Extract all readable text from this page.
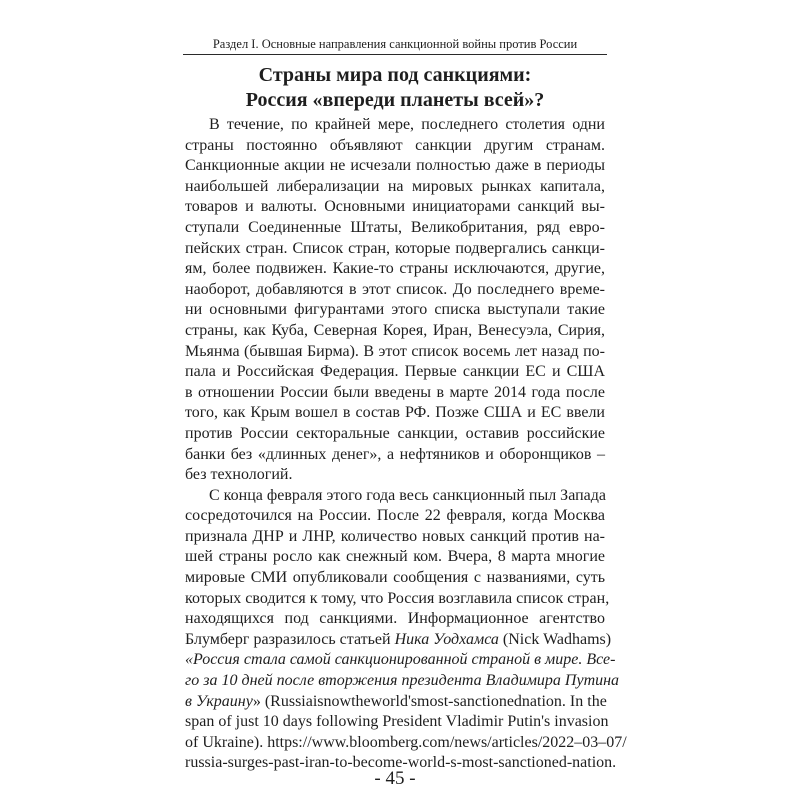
Раздел I. Основные направления санкционной войны против России
Страны мира под санкциями:
Россия «впереди планеты всей»?
В течение, по крайней мере, последнего столетия одни
страны постоянно объявляют санкции другим странам.
Санкционные акции не исчезали полностью даже в периоды
наибольшей либерализации на мировых рынках капитала,
товаров и валюты. Основными инициаторами санкций вы-
ступали Соединенные Штаты, Великобритания, ряд евро-
пейских стран. Список стран, которые подвергались санкци-
ям, более подвижен. Какие-то страны исключаются, другие,
наоборот, добавляются в этот список. До последнего време-
ни основными фигурантами этого списка выступали такие
страны, как Куба, Северная Корея, Иран, Венесуэла, Сирия,
Мьянма (бывшая Бирма). В этот список восемь лет назад по-
пала и Российская Федерация. Первые санкции ЕС и США
в отношении России были введены в марте 2014 года после
того, как Крым вошел в состав РФ. Позже США и ЕС ввели
против России секторальные санкции, оставив российские
банки без «длинных денег», а нефтяников и оборонщиков –
без технологий.
С конца февраля этого года весь санкционный пыл Запада
сосредоточился на России. После 22 февраля, когда Москва
признала ДНР и ЛНР, количество новых санкций против на-
шей страны росло как снежный ком. Вчера, 8 марта многие
мировые СМИ опубликовали сообщения с названиями, суть
которых сводится к тому, что Россия возглавила список стран,
находящихся под санкциями. Информационное агентство
Блумберг разразилось статьей Ника Уодхамса (Nick Wadhams)
«Россия стала самой санкционированной страной в мире. Все-
го за 10 дней после вторжения президента Владимира Путина
в Украину» (Russiaisnowtheworld'smost-sanctionednation. In the
span of just 10 days following President Vladimir Putin's invasion
of Ukraine). https://www.bloomberg.com/news/articles/2022–03–07/
russia-surges-past-iran-to-become-world-s-most-sanctioned-nation.
- 45 -
